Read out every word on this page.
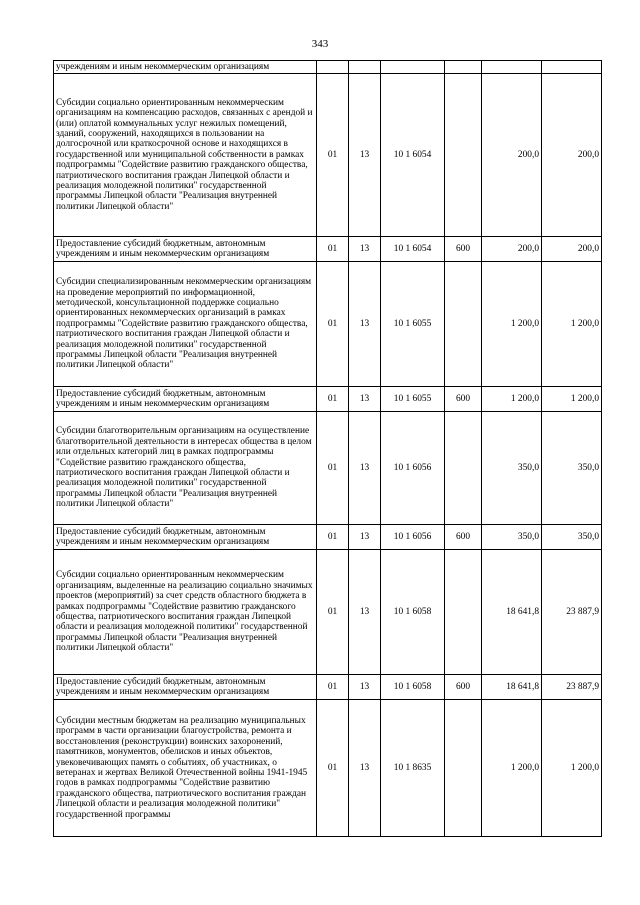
343
учреждениям и иным некоммерческим организациям						
Субсидии социально ориентированным некоммерческим организациям на компенсацию расходов, связанных с арендой и (или) оплатой коммунальных услуг нежилых помещений, зданий, сооружений, находящихся в пользовании на долгосрочной или краткосрочной основе и находящихся в государственной или муниципальной собственности в рамках подпрограммы "Содействие развитию гражданского общества, патриотического воспитания граждан Липецкой области и реализация молодежной политики" государственной программы Липецкой области "Реализация внутренней политики Липецкой области"	01	13	10 1 6054		200,0	200,0
Предоставление субсидий бюджетным, автономным учреждениям и иным некоммерческим организациям	01	13	10 1 6054	600	200,0	200,0
Субсидии специализированным некоммерческим организациям на проведение мероприятий по информационной, методической, консультационной поддержке социально ориентированных некоммерческих организаций в рамках подпрограммы "Содействие развитию гражданского общества, патриотического воспитания граждан Липецкой области и реализация молодежной политики" государственной программы Липецкой области "Реализация внутренней политики Липецкой области"	01	13	10 1 6055		1 200,0	1 200,0
Предоставление субсидий бюджетным, автономным учреждениям и иным некоммерческим организациям	01	13	10 1 6055	600	1 200,0	1 200,0
Субсидии благотворительным организациям на осуществление благотворительной деятельности в интересах общества в целом или отдельных категорий лиц в рамках подпрограммы "Содействие развитию гражданского общества, патриотического воспитания граждан Липецкой области и реализация молодежной политики" государственной программы Липецкой области "Реализация внутренней политики Липецкой области"	01	13	10 1 6056		350,0	350,0
Предоставление субсидий бюджетным, автономным учреждениям и иным некоммерческим организациям	01	13	10 1 6056	600	350,0	350,0
Субсидии социально ориентированным некоммерческим организациям, выделенные на реализацию социально значимых проектов (мероприятий) за счет средств областного бюджета в рамках подпрограммы "Содействие развитию гражданского общества, патриотического воспитания граждан Липецкой области и реализация молодежной политики" государственной программы Липецкой области "Реализация внутренней политики Липецкой области"	01	13	10 1 6058		18 641,8	23 887,9
Предоставление субсидий бюджетным, автономным учреждениям и иным некоммерческим организациям	01	13	10 1 6058	600	18 641,8	23 887,9
Субсидии местным бюджетам на реализацию муниципальных программ в части организации благоустройства, ремонта и восстановления (реконструкции) воинских захоронений, памятников, монументов, обелисков и иных объектов, увековечивающих память о событиях, об участниках, о ветеранах и жертвах Великой Отечественной войны 1941-1945 годов в рамках подпрограммы "Содействие развитию гражданского общества, патриотического воспитания граждан Липецкой области и реализация молодежной политики" государственной программы	01	13	10 1 8635		1 200,0	1 200,0
